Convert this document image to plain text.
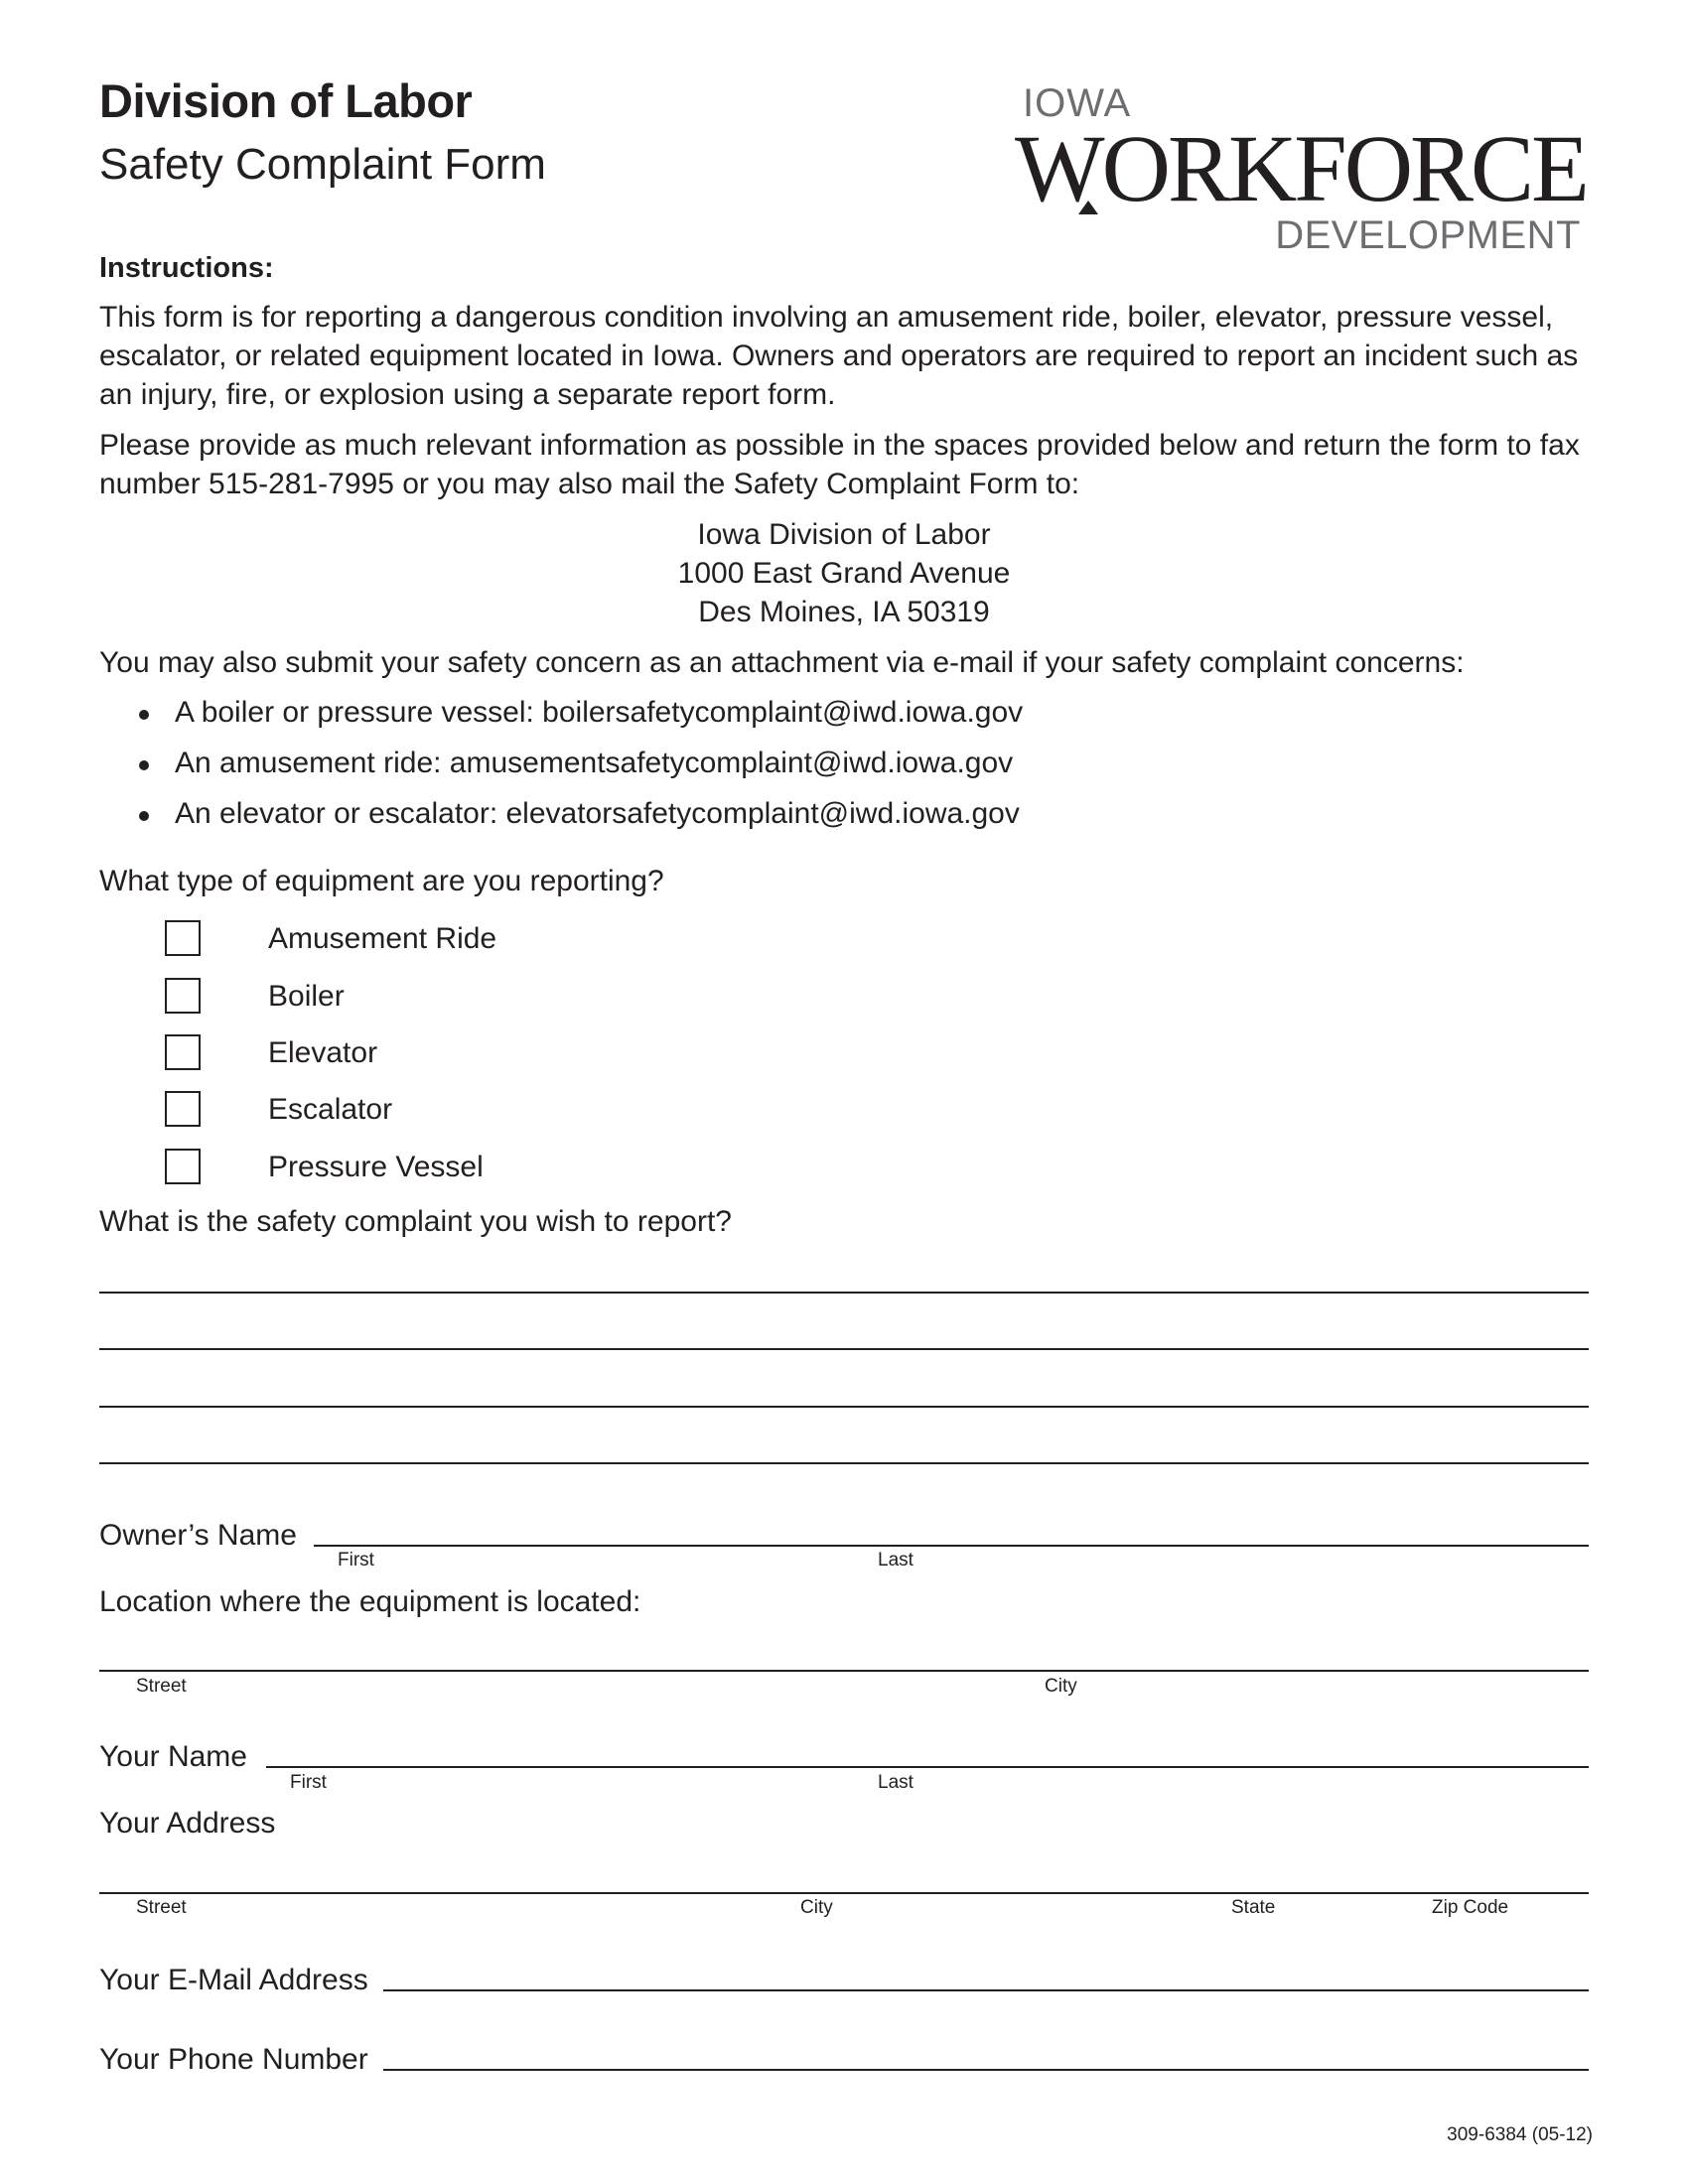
Division of Labor
Safety Complaint Form
IOWA
WORKFORCE
DEVELOPMENT
Instructions:
This form is for reporting a dangerous condition involving an amusement ride, boiler, elevator, pressure vessel, escalator, or related equipment located in Iowa. Owners and operators are required to report an incident such as an injury, fire, or explosion using a separate report form.
Please provide as much relevant information as possible in the spaces provided below and return the form to fax number 515-281-7995 or you may also mail the Safety Complaint Form to:
Iowa Division of Labor
1000 East Grand Avenue
Des Moines, IA 50319
You may also submit your safety concern as an attachment via e-mail if your safety complaint concerns:
A boiler or pressure vessel: boilersafetycomplaint@iwd.iowa.gov
An amusement ride: amusementsafetycomplaint@iwd.iowa.gov
An elevator or escalator: elevatorsafetycomplaint@iwd.iowa.gov
What type of equipment are you reporting?
Amusement Ride
Boiler
Elevator
Escalator
Pressure Vessel
What is the safety complaint you wish to report?
Owner’s Name
First	Last
Location where the equipment is located:
Street	City
Your Name
First	Last
Your Address
Street	City	State	Zip Code
Your E-Mail Address
Your Phone Number
309-6384 (05-12)
